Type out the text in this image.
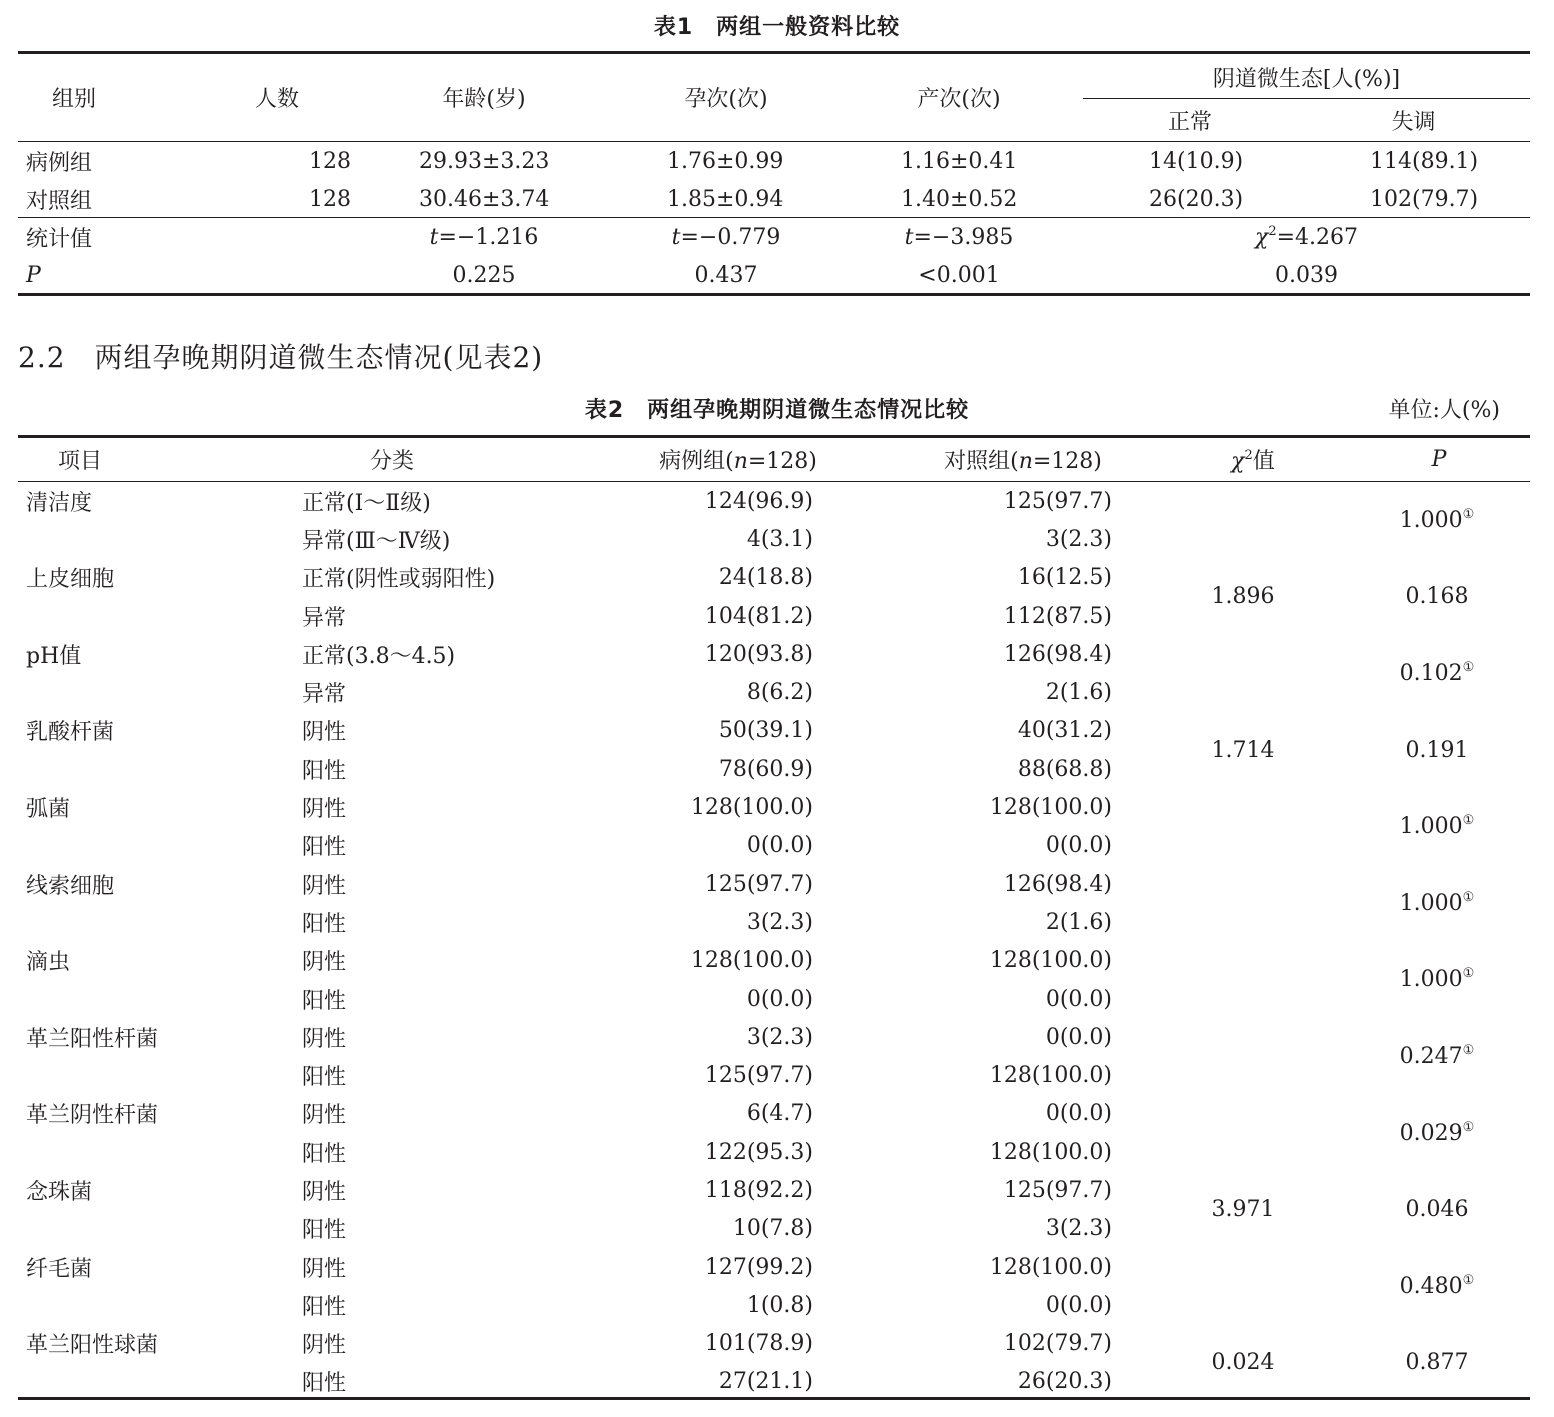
表1　两组一般资料比较
组别	人数	年龄(岁)	孕次(次)	产次(次)	阴道微生态[人(%)]	
					正常	失调
病例组	128	29.93±3.23	1.76±0.99	1.16±0.41	14(10.9)	114(89.1)
对照组	128	30.46±3.74	1.85±0.94	1.40±0.52	26(20.3)	102(79.7)
统计值		t=−1.216	t=−0.779	t=−3.985	$\chi^2=4.267$
P		0.225	0.437	<0.001	0.039
2.2　两组孕晚期阴道微生态情况(见表2)
表2　两组孕晚期阴道微生态情况比较	单位:人(%)
项目	分类	病例组(n=128)	对照组(n=128)	$\chi^2$值	P
清洁度	正常(Ⅰ～Ⅱ级)	124(96.9)	125(97.7)		1.000①
	异常(Ⅲ～Ⅳ级)	4(3.1)	3(2.3)		
上皮细胞	正常(阴性或弱阳性)	24(18.8)	16(12.5)	1.896	0.168
	异常	104(81.2)	112(87.5)		
pH值	正常(3.8～4.5)	120(93.8)	126(98.4)		0.102①
	异常	8(6.2)	2(1.6)		
乳酸杆菌	阴性	50(39.1)	40(31.2)	1.714	0.191
	阳性	78(60.9)	88(68.8)		
弧菌	阴性	128(100.0)	128(100.0)		1.000①
	阳性	0(0.0)	0(0.0)		
线索细胞	阴性	125(97.7)	126(98.4)		1.000①
	阳性	3(2.3)	2(1.6)		
滴虫	阴性	128(100.0)	128(100.0)		1.000①
	阳性	0(0.0)	0(0.0)		
革兰阳性杆菌	阴性	3(2.3)	0(0.0)		0.247①
	阳性	125(97.7)	128(100.0)		
革兰阴性杆菌	阴性	6(4.7)	0(0.0)		0.029①
	阳性	122(95.3)	128(100.0)		
念珠菌	阴性	118(92.2)	125(97.7)	3.971	0.046
	阳性	10(7.8)	3(2.3)		
纤毛菌	阴性	127(99.2)	128(100.0)		0.480①
	阳性	1(0.8)	0(0.0)		
革兰阳性球菌	阴性	101(78.9)	102(79.7)	0.024	0.877
	阳性	27(21.1)	26(20.3)		
